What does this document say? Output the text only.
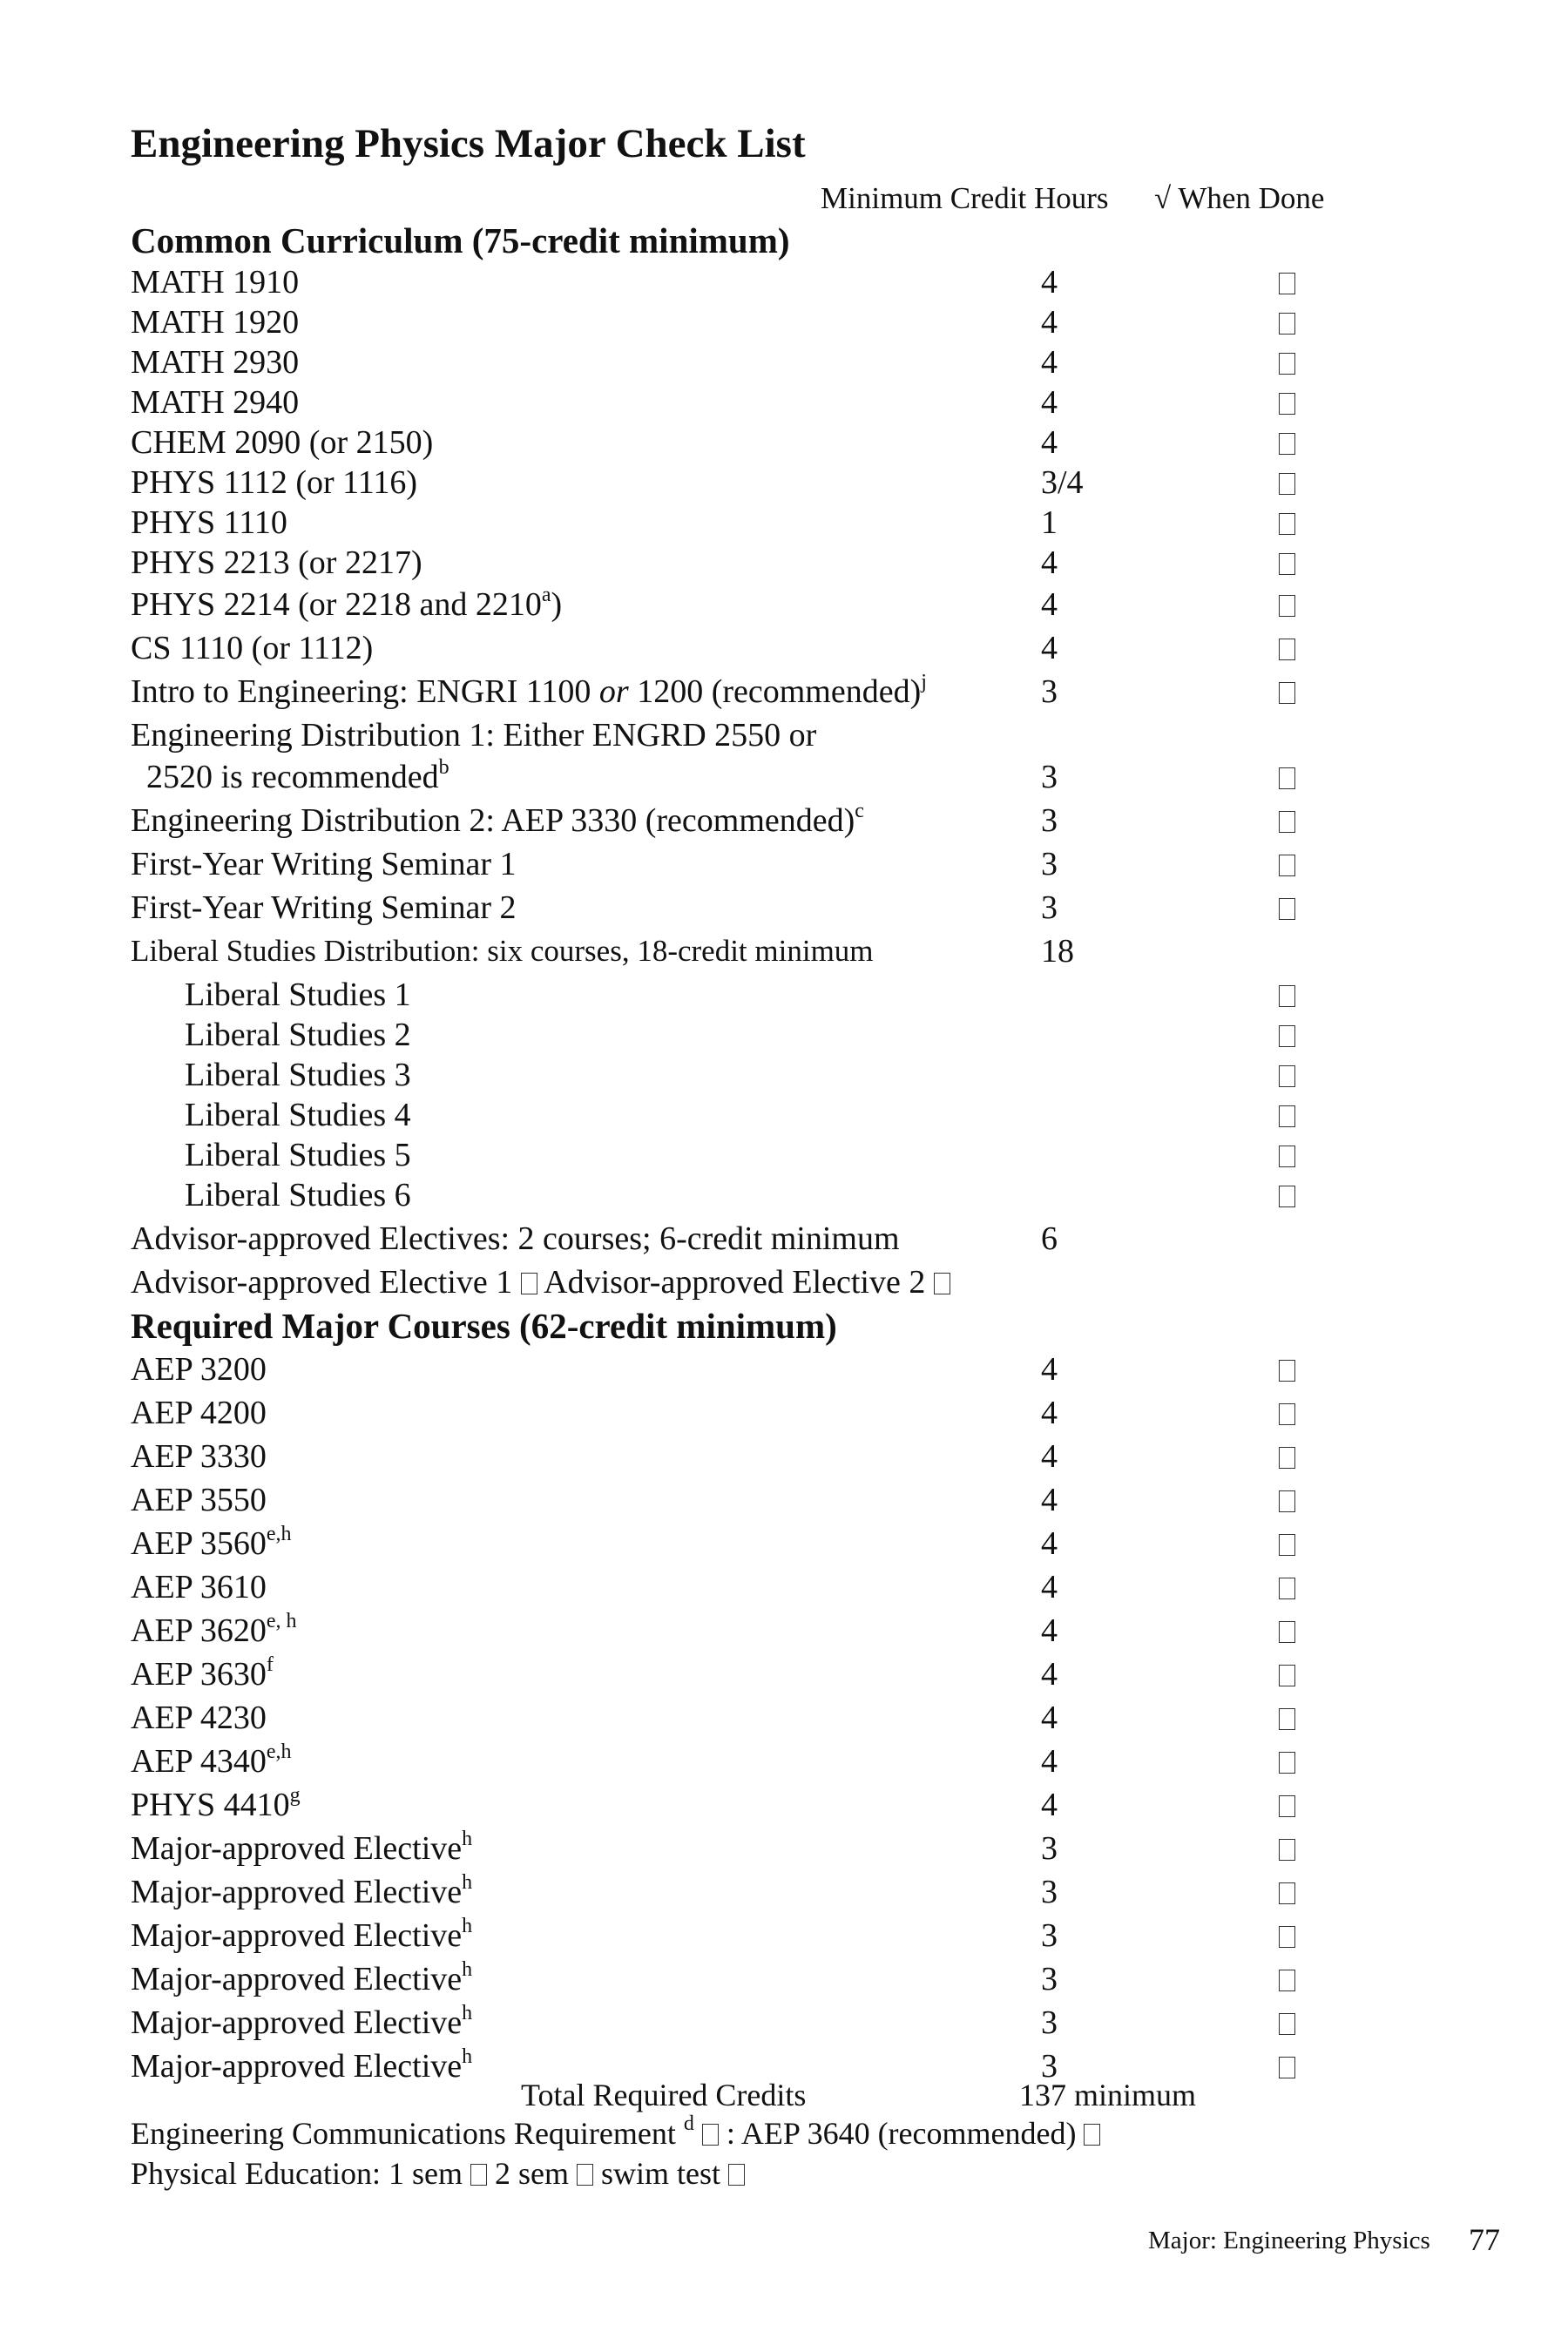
Engineering Physics Major Check List
Minimum Credit Hours √ When Done
Common Curriculum (75-credit minimum)
MATH 1910	4
MATH 1920	4
MATH 2930	4
MATH 2940	4
CHEM 2090 (or 2150)	4
PHYS 1112 (or 1116)	3/4
PHYS 1110	1
PHYS 2213 (or 2217)	4
PHYS 2214 (or 2218 and 2210$^a$)	4
CS 1110 (or 1112)	4
Intro to Engineering: ENGRI 1100 or 1200 (recommended)$^j$	3
Engineering Distribution 1: Either ENGRD 2550 or
2520 is recommended$^b$	3
Engineering Distribution 2: AEP 3330 (recommended)$^c$	3
First-Year Writing Seminar 1	3
First-Year Writing Seminar 2	3
Liberal Studies Distribution: six courses, 18-credit minimum	18
Liberal Studies 1
Liberal Studies 2
Liberal Studies 3
Liberal Studies 4
Liberal Studies 5
Liberal Studies 6
Advisor-approved Electives: 2 courses; 6-credit minimum	6
Advisor-approved Elective 1 Advisor-approved Elective 2
Required Major Courses (62-credit minimum)
AEP 3200	4
AEP 4200	4
AEP 3330	4
AEP 3550	4
AEP 3560$^{e,h}$	4
AEP 3610	4
AEP 3620$^{e, h}$	4
AEP 3630$^f$	4
AEP 4230	4
AEP 4340$^{e,h}$	4
PHYS 4410$^g$	4
Major-approved Elective$^h$	3
Major-approved Elective$^h$	3
Major-approved Elective$^h$	3
Major-approved Elective$^h$	3
Major-approved Elective$^h$	3
Major-approved Elective$^h$	3
Total Required Credits	137 minimum
Engineering Communications Requirement $^d$ : AEP 3640 (recommended)
Physical Education: 1 sem 2 sem swim test
Major: Engineering Physics 77
